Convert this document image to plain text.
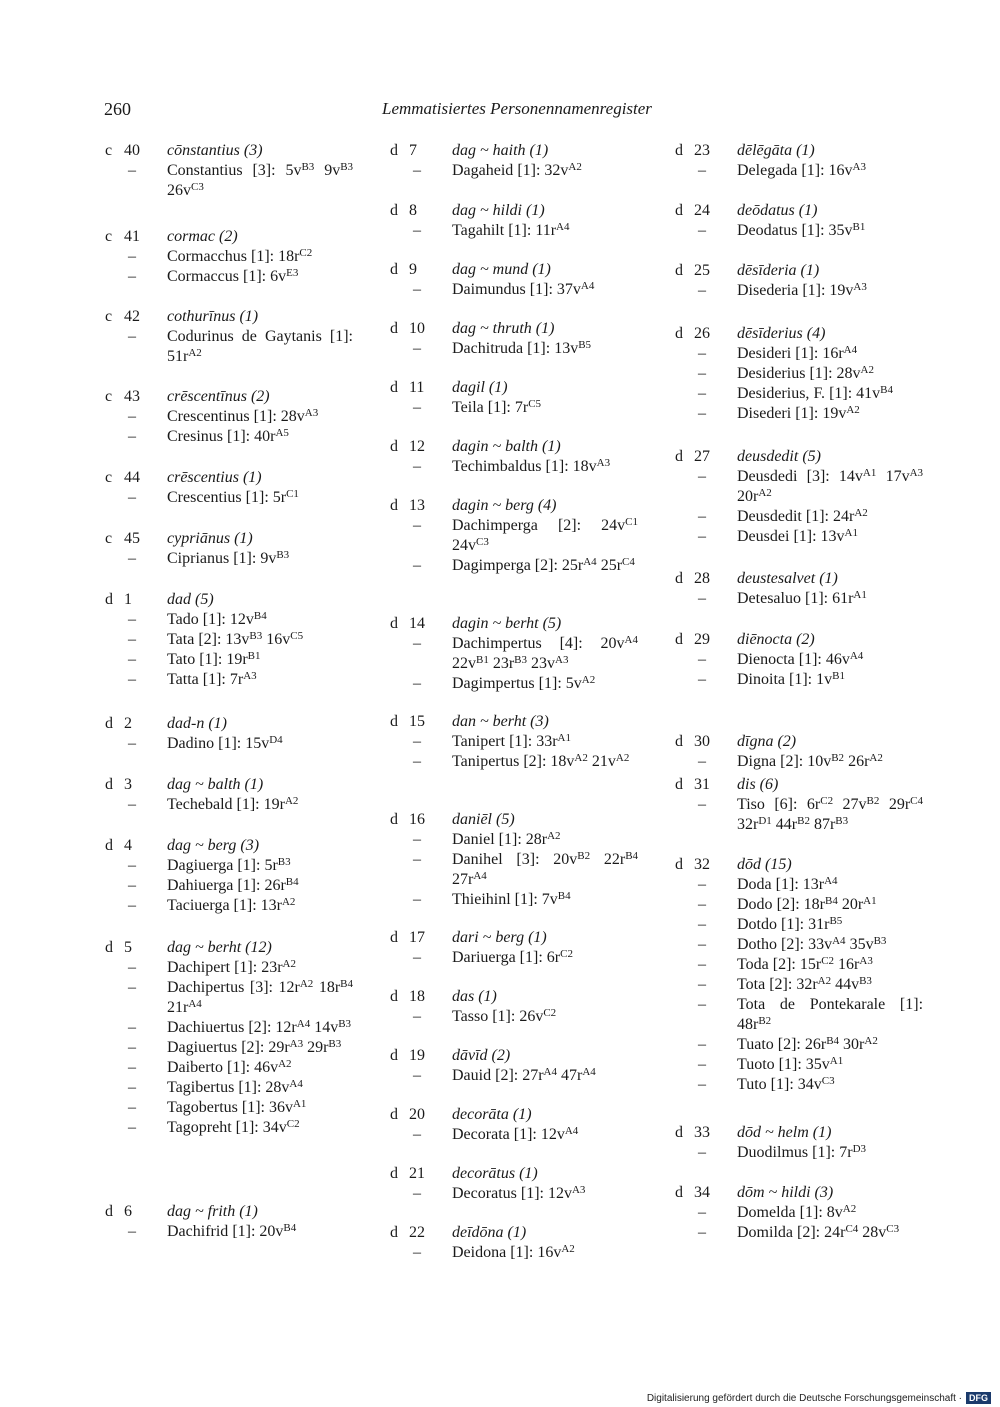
260	Lemmatisiertes Personennamenregister
c 40	cōnstantius (3)
–	Constantius [3]: $5v^{B3}$ $9v^{B3}$ $26v^{C3}$
c 41	cormac (2)
–	Cormacchus [1]: $18r^{C2}$
–	Cormaccus [1]: $6v^{E3}$
c 42	cothurīnus (1)
–	Codurinus de Gaytanis [1]: $51r^{A2}$
c 43	crēscentīnus (2)
–	Crescentinus [1]: $28v^{A3}$
–	Cresinus [1]: $40r^{A5}$
c 44	crēscentius (1)
–	Crescentius [1]: $5r^{C1}$
c 45	cypriānus (1)
–	Ciprianus [1]: $9v^{B3}$
d 1	dad (5)
–	Tado [1]: $12v^{B4}$
–	Tata [2]: $13v^{B3}$ $16v^{C5}$
–	Tato [1]: $19r^{B1}$
–	Tatta [1]: $7r^{A3}$
d 2	dad-n (1)
–	Dadino [1]: $15v^{D4}$
d 3	dag ~ balth (1)
–	Techebald [1]: $19r^{A2}$
d 4	dag ~ berg (3)
–	Dagiuerga [1]: $5r^{B3}$
–	Dahiuerga [1]: $26r^{B4}$
–	Taciuerga [1]: $13r^{A2}$
d 5	dag ~ berht (12)
–	Dachipert [1]: $23r^{A2}$
–	Dachipertus [3]: $12r^{A2}$ $18r^{B4}$ $21r^{A4}$
–	Dachiuertus [2]: $12r^{A4}$ $14v^{B3}$
–	Dagiuertus [2]: $29r^{A3}$ $29r^{B3}$
–	Daiberto [1]: $46v^{A2}$
–	Tagibertus [1]: $28v^{A4}$
–	Tagobertus [1]: $36v^{A1}$
–	Tagopreht [1]: $34v^{C2}$
d 6	dag ~ frith (1)
–	Dachifrid [1]: $20v^{B4}$
d 7	dag ~ haith (1)
–	Dagaheid [1]: $32v^{A2}$
d 8	dag ~ hildi (1)
–	Tagahilt [1]: $11r^{A4}$
d 9	dag ~ mund (1)
–	Daimundus [1]: $37v^{A4}$
d 10	dag ~ thruth (1)
–	Dachitruda [1]: $13v^{B5}$
d 11	dagil (1)
–	Teila [1]: $7r^{C5}$
d 12	dagin ~ balth (1)
–	Techimbaldus [1]: $18v^{A3}$
d 13	dagin ~ berg (4)
–	Dachimperga [2]: $24v^{C1}$ $24v^{C3}$
–	Dagimperga [2]: $25r^{A4}$ $25r^{C4}$
d 14	dagin ~ berht (5)
–	Dachimpertus [4]: $20v^{A4}$ $22v^{B1}$ $23r^{B3}$ $23v^{A3}$
–	Dagimpertus [1]: $5v^{A2}$
d 15	dan ~ berht (3)
–	Tanipert [1]: $33r^{A1}$
–	Tanipertus [2]: $18v^{A2}$ $21v^{A2}$
d 16	daniēl (5)
–	Daniel [1]: $28r^{A2}$
–	Danihel [3]: $20v^{B2}$ $22r^{B4}$ $27r^{A4}$
–	Thieihinl [1]: $7v^{B4}$
d 17	dari ~ berg (1)
–	Dariuerga [1]: $6r^{C2}$
d 18	das (1)
–	Tasso [1]: $26v^{C2}$
d 19	dāvīd (2)
–	Dauid [2]: $27r^{A4}$ $47r^{A4}$
d 20	decorāta (1)
–	Decorata [1]: $12v^{A4}$
d 21	decorātus (1)
–	Decoratus [1]: $12v^{A3}$
d 22	deīdōna (1)
–	Deidona [1]: $16v^{A2}$
d 23	dēlēgāta (1)
–	Delegada [1]: $16v^{A3}$
d 24	deōdatus (1)
–	Deodatus [1]: $35v^{B1}$
d 25	dēsīderia (1)
–	Disederia [1]: $19v^{A3}$
d 26	dēsīderius (4)
–	Desideri [1]: $16r^{A4}$
–	Desiderius [1]: $28v^{A2}$
–	Desiderius, F. [1]: $41v^{B4}$
–	Disederi [1]: $19v^{A2}$
d 27	deusdedit (5)
–	Deusdedi [3]: $14v^{A1}$ $17v^{A3}$ $20r^{A2}$
–	Deusdedit [1]: $24r^{A2}$
–	Deusdei [1]: $13v^{A1}$
d 28	deustesalvet (1)
–	Detesaluo [1]: $61r^{A1}$
d 29	diēnocta (2)
–	Dienocta [1]: $46v^{A4}$
–	Dinoita [1]: $1v^{B1}$
d 30	dīgna (2)
–	Digna [2]: $10v^{B2}$ $26r^{A2}$
d 31	dis (6)
–	Tiso [6]: $6r^{C2}$ $27v^{B2}$ $29r^{C4}$ $32r^{D1}$ $44r^{B2}$ $87r^{B3}$
d 32	dōd (15)
–	Doda [1]: $13r^{A4}$
–	Dodo [2]: $18r^{B4}$ $20r^{A1}$
–	Dotdo [1]: $31r^{B5}$
–	Dotho [2]: $33v^{A4}$ $35v^{B3}$
–	Toda [2]: $15r^{C2}$ $16r^{A3}$
–	Tota [2]: $32r^{A2}$ $44v^{B3}$
–	Tota de Pontekarale [1]: $48r^{B2}$
–	Tuato [2]: $26r^{B4}$ $30r^{A2}$
–	Tuoto [1]: $35v^{A1}$
–	Tuto [1]: $34v^{C3}$
d 33	dōd ~ helm (1)
–	Duodilmus [1]: $7r^{D3}$
d 34	dōm ~ hildi (3)
–	Domelda [1]: $8v^{A2}$
–	Domilda [2]: $24r^{C4}$ $28v^{C3}$
Digitalisierung gefördert durch die Deutsche Forschungsgemeinschaft · DFG
